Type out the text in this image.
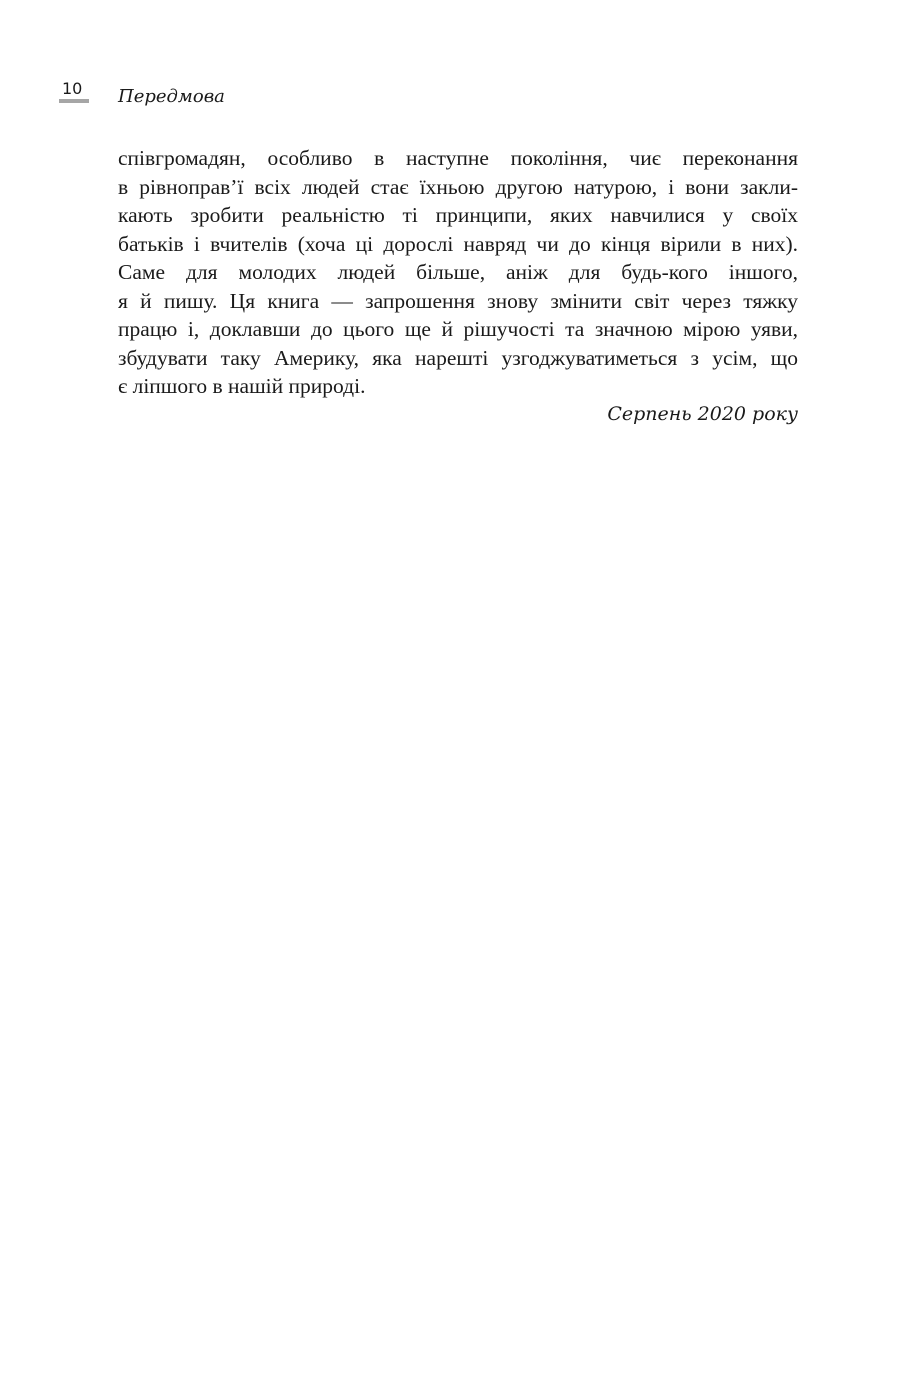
10 Передмова
співгромадян, особливо в наступне покоління, чиє переконання
в рівноправ’ї всіх людей стає їхньою другою натурою, і вони закли-
кають зробити реальністю ті принципи, яких навчилися у своїх
батьків і вчителів (хоча ці дорослі навряд чи до кінця вірили в них).
Саме для молодих людей більше, аніж для будь-кого іншого,
я й пишу. Ця книга — запрошення знову змінити світ через тяжку
працю і, доклавши до цього ще й рішучості та значною мірою уяви,
збудувати таку Америку, яка нарешті узгоджуватиметься з усім, що
є ліпшого в нашій природі.
Серпень 2020 року
